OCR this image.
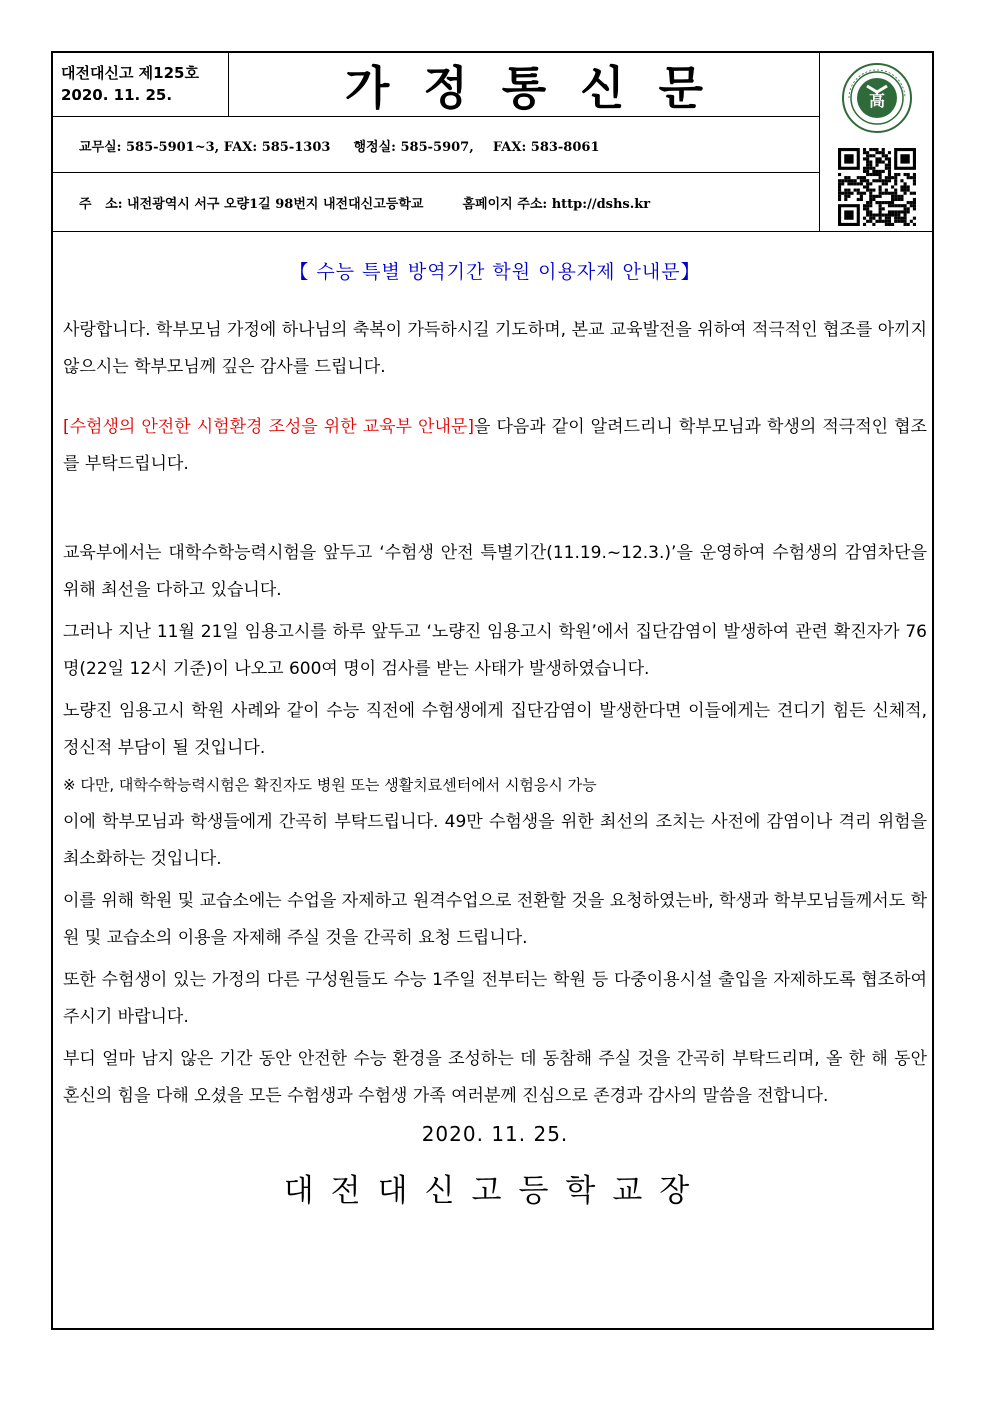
대전대신고 제125호
2020. 11. 25.	가정통신문	高
교무실: 585-5901~3, FAX: 585-1303 행정실: 585-5907, FAX: 583-8061
주   소: 내전광역시 서구 오량1길 98번지 내전대신고등학교	홈페이지 주소: http://dshs.kr
【 수능 특별 방역기간 학원 이용자제 안내문】

사랑합니다. 학부모님 가정에 하나님의 축복이 가득하시길 기도하며, 본교 교육발전을 위하여 적극적인 협조를 아끼지 않으시는 학부모님께 깊은 감사를 드립니다.

[수험생의 안전한 시험환경 조성을 위한 교육부 안내문]을 다음과 같이 알려드리니 학부모님과 학생의 적극적인 협조를 부탁드립니다.

교육부에서는 대학수학능력시험을 앞두고 ‘수험생 안전 특별기간(11.19.~12.3.)’을 운영하여 수험생의 감염차단을 위해 최선을 다하고 있습니다.

그러나 지난 11월 21일 임용고시를 하루 앞두고 ‘노량진 임용고시 학원’에서 집단감염이 발생하여 관련 확진자가 76명(22일 12시 기준)이 나오고 600여 명이 검사를 받는 사태가 발생하였습니다.

노량진 임용고시 학원 사례와 같이 수능 직전에 수험생에게 집단감염이 발생한다면 이들에게는 견디기 힘든 신체적, 정신적 부담이 될 것입니다.

※ 다만, 대학수학능력시험은 확진자도 병원 또는 생활치료센터에서 시험응시 가능

이에 학부모님과 학생들에게 간곡히 부탁드립니다. 49만 수험생을 위한 최선의 조치는 사전에 감염이나 격리 위험을 최소화하는 것입니다.

이를 위해 학원 및 교습소에는 수업을 자제하고 원격수업으로 전환할 것을 요청하였는바, 학생과 학부모님들께서도 학원 및 교습소의 이용을 자제해 주실 것을 간곡히 요청 드립니다.

또한 수험생이 있는 가정의 다른 구성원들도 수능 1주일 전부터는 학원 등 다중이용시설 출입을 자제하도록 협조하여 주시기 바랍니다.

부디 얼마 남지 않은 기간 동안 안전한 수능 환경을 조성하는 데 동참해 주실 것을 간곡히 부탁드리며, 올 한 해 동안 혼신의 힘을 다해 오셨을 모든 수험생과 수험생 가족 여러분께 진심으로 존경과 감사의 말씀을 전합니다.

2020. 11. 25.
대전대신고등학교장
